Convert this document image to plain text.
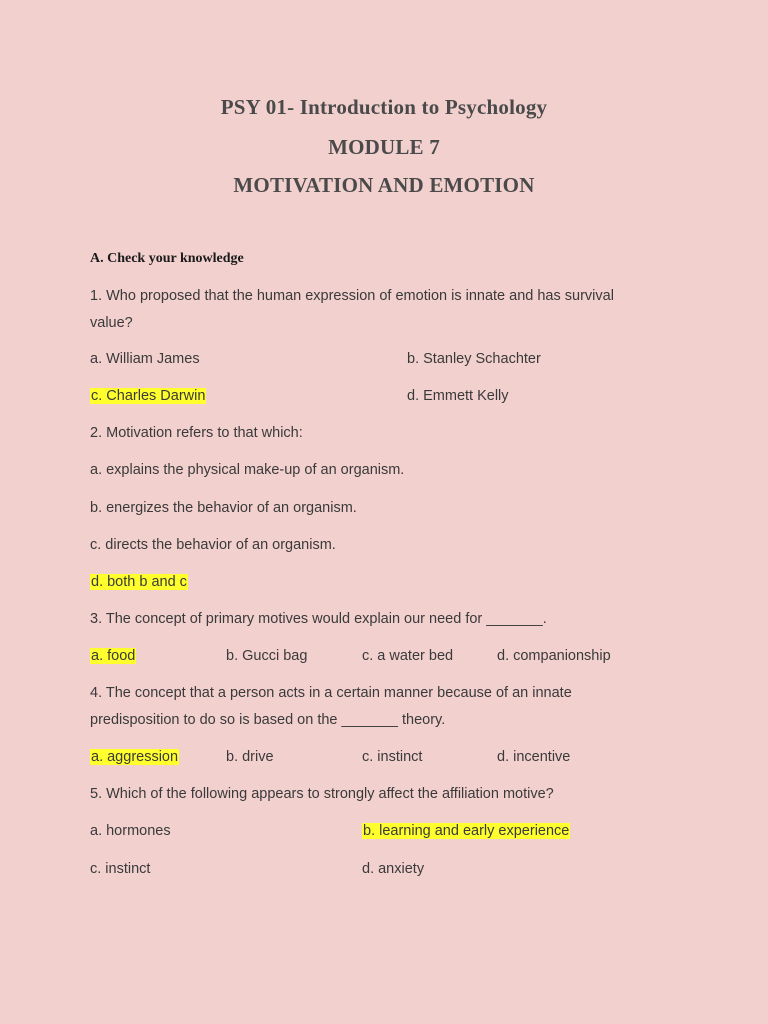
PSY 01- Introduction to Psychology
MODULE 7
MOTIVATION AND EMOTION
A. Check your knowledge
1. Who proposed that the human expression of emotion is innate and has survival
value?
a. William James	b. Stanley Schachter
c. Charles Darwin	d. Emmett Kelly
2. Motivation refers to that which:
a. explains the physical make-up of an organism.
b. energizes the behavior of an organism.
c. directs the behavior of an organism.
d. both b and c
3. The concept of primary motives would explain our need for _______.
a. food	b. Gucci bag	c. a water bed	d. companionship
4. The concept that a person acts in a certain manner because of an innate
predisposition to do so is based on the _______ theory.
a. aggression	b. drive	c. instinct	d. incentive
5. Which of the following appears to strongly affect the affiliation motive?
a. hormones	b. learning and early experience
c. instinct	d. anxiety
